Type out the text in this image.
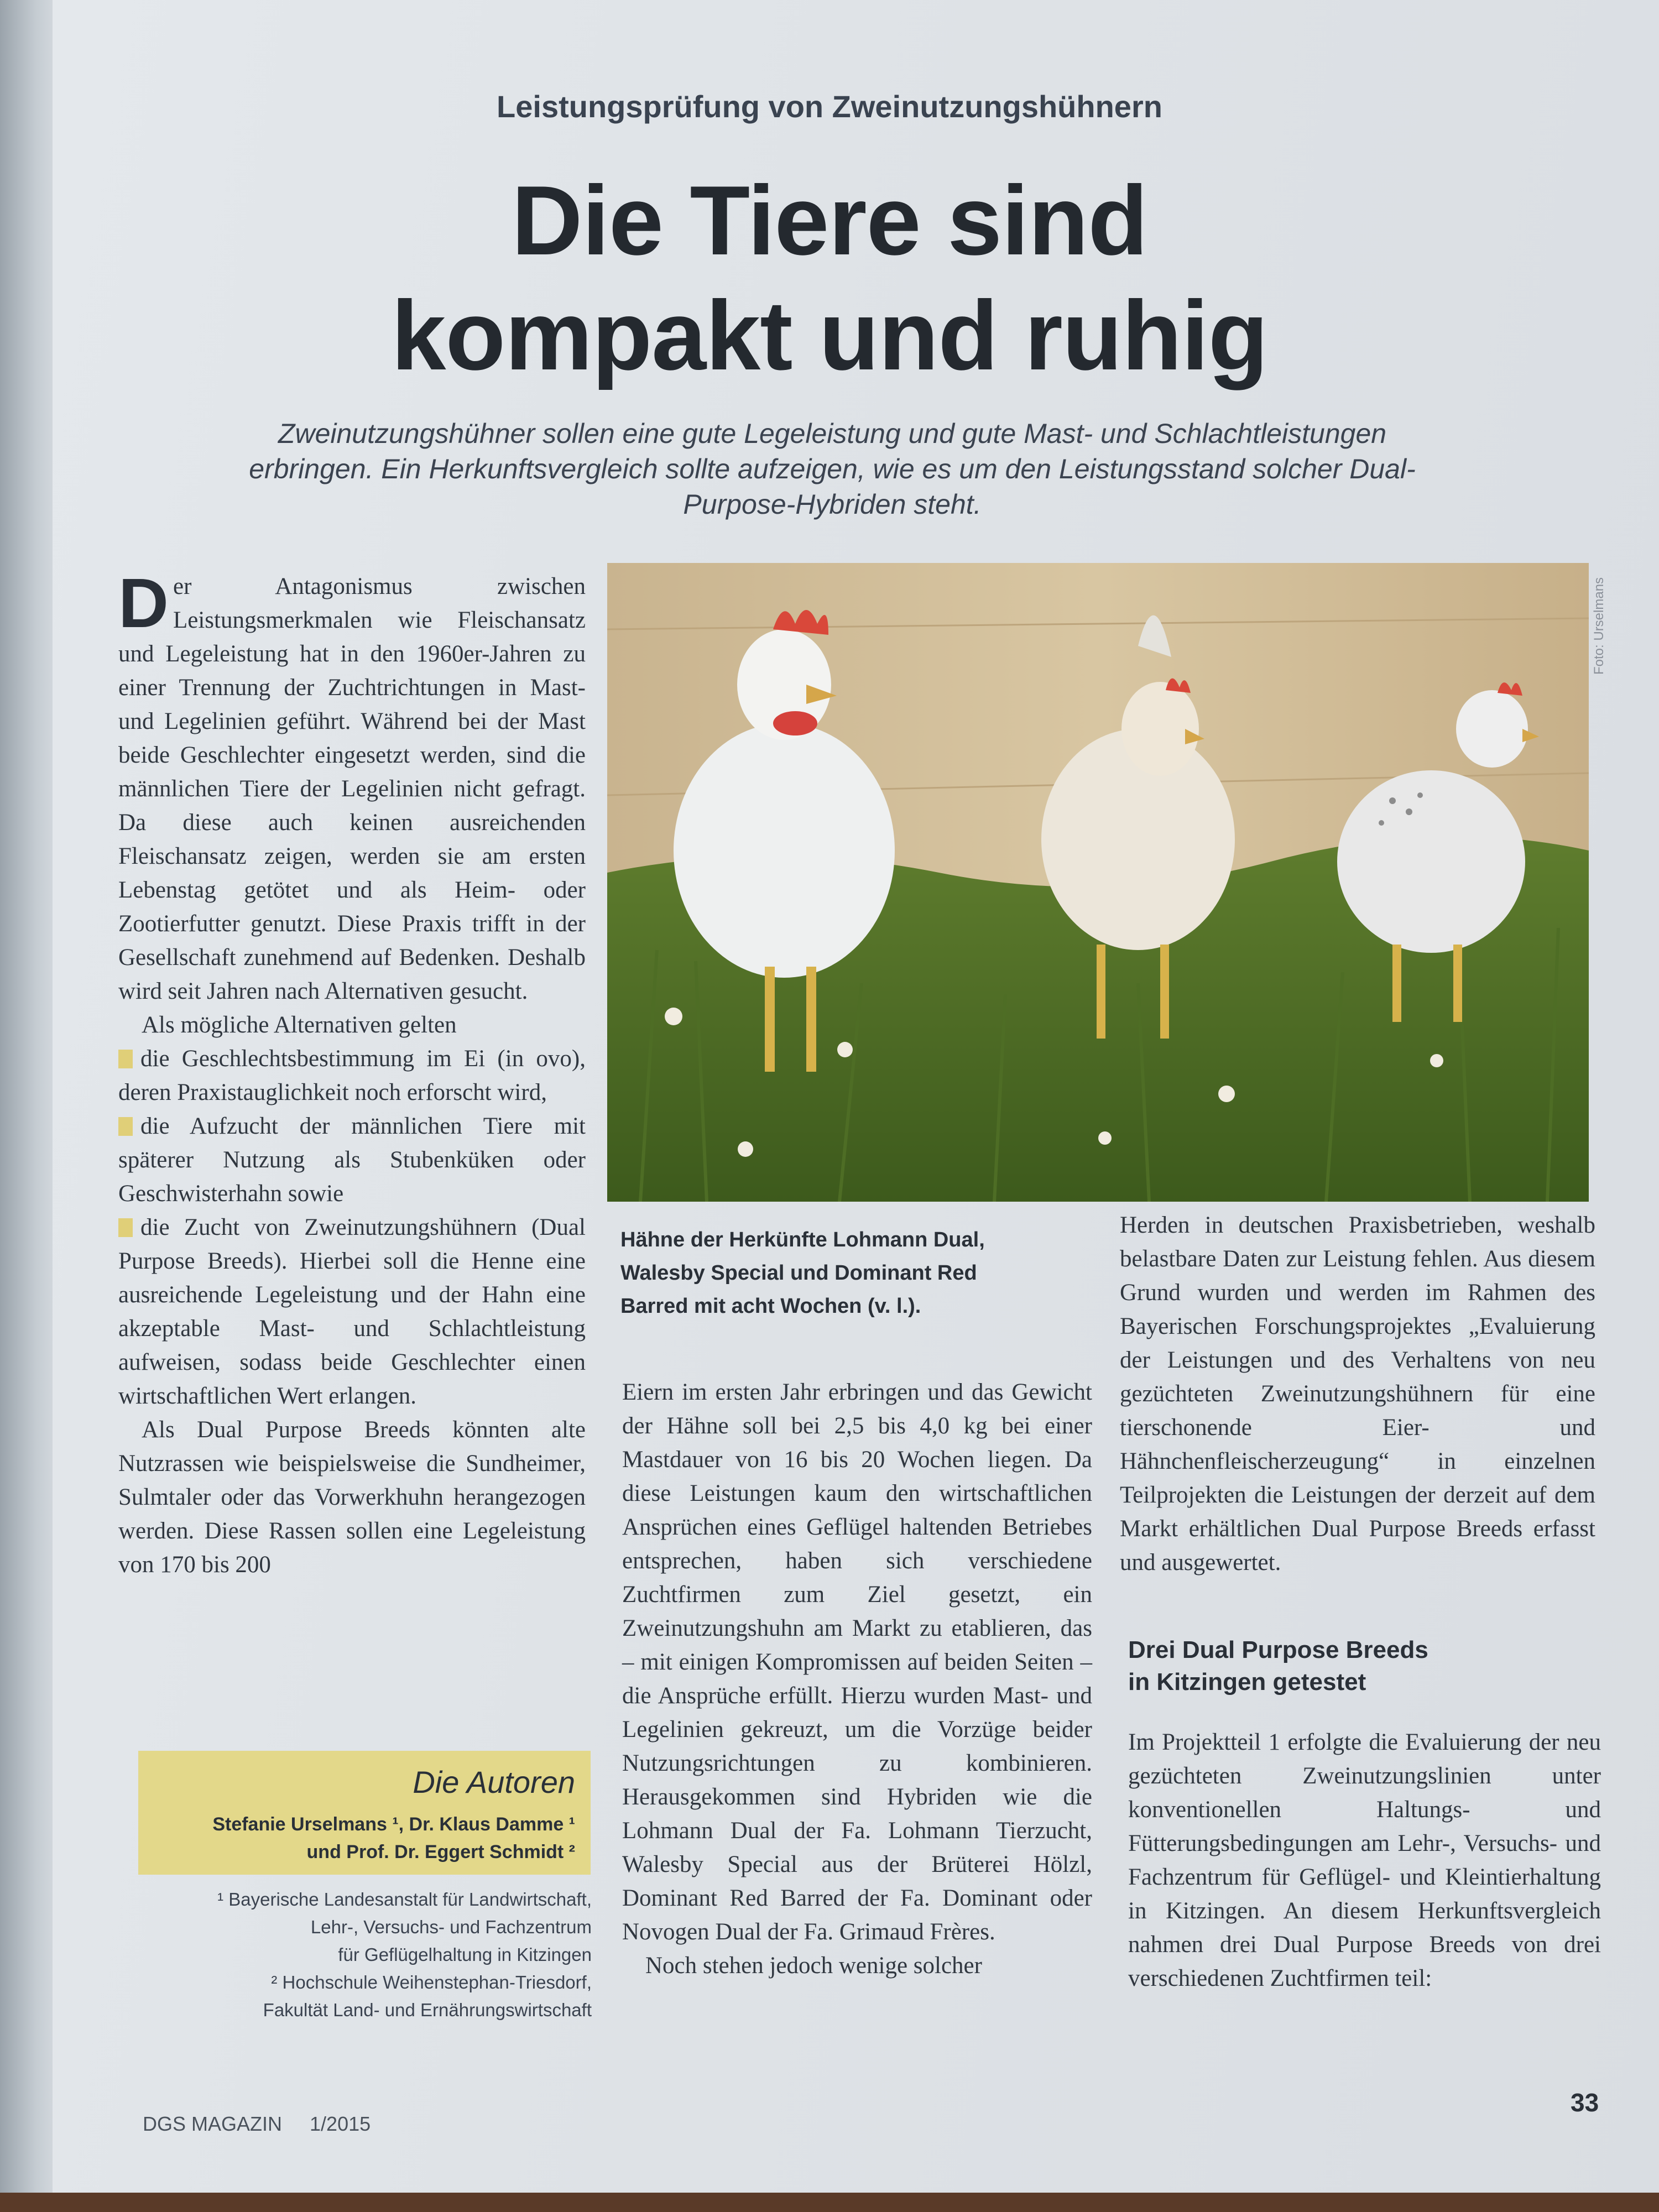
Leistungsprüfung von Zweinutzungshühnern
Die Tiere sind
kompakt und ruhig
Zweinutzungshühner sollen eine gute Legeleistung und gute Mast- und Schlachtleistungen erbringen. Ein Herkunftsvergleich sollte aufzeigen, wie es um den Leistungsstand solcher Dual-Purpose-Hybriden steht.

Der Antagonismus zwischen Leistungsmerkmalen wie Fleischansatz und Legeleistung hat in den 1960er-Jahren zu einer Trennung der Zuchtrichtungen in Mast- und Legelinien geführt. Während bei der Mast beide Geschlechter eingesetzt werden, sind die männlichen Tiere der Legelinien nicht gefragt. Da diese auch keinen ausreichenden Fleischansatz zeigen, werden sie am ersten Lebenstag getötet und als Heim- oder Zootierfutter genutzt. Diese Praxis trifft in der Gesellschaft zunehmend auf Bedenken. Deshalb wird seit Jahren nach Alternativen gesucht.

Als mögliche Alternativen gelten

die Geschlechtsbestimmung im Ei (in ovo), deren Praxistauglichkeit noch erforscht wird,

die Aufzucht der männlichen Tiere mit späterer Nutzung als Stubenküken oder Geschwisterhahn sowie

die Zucht von Zweinutzungshühnern (Dual Purpose Breeds). Hierbei soll die Henne eine ausreichende Legeleistung und der Hahn eine akzeptable Mast- und Schlachtleistung aufweisen, sodass beide Geschlechter einen wirtschaftlichen Wert erlangen.

Als Dual Purpose Breeds könnten alte Nutzrassen wie beispielsweise die Sundheimer, Sulmtaler oder das Vorwerkhuhn herangezogen werden. Diese Rassen sollen eine Legeleistung von 170 bis 200

Foto: Urselmans
Hähne der Herkünfte Lohmann Dual, Walesby Special und Dominant Red Barred mit acht Wochen (v. l.).

Eiern im ersten Jahr erbringen und das Gewicht der Hähne soll bei 2,5 bis 4,0 kg bei einer Mastdauer von 16 bis 20 Wochen liegen. Da diese Leistungen kaum den wirtschaftlichen Ansprüchen eines Geflügel haltenden Betriebes entsprechen, haben sich verschiedene Zuchtfirmen zum Ziel gesetzt, ein Zweinutzungshuhn am Markt zu etablieren, das – mit einigen Kompromissen auf beiden Seiten – die Ansprüche erfüllt. Hierzu wurden Mast- und Legelinien gekreuzt, um die Vorzüge beider Nutzungsrichtungen zu kombinieren. Herausgekommen sind Hybriden wie die Lohmann Dual der Fa. Lohmann Tierzucht, Walesby Special aus der Brüterei Hölzl, Dominant Red Barred der Fa. Dominant oder Novogen Dual der Fa. Grimaud Frères.

Noch stehen jedoch wenige solcher

Herden in deutschen Praxisbetrieben, weshalb belastbare Daten zur Leistung fehlen. Aus diesem Grund wurden und werden im Rahmen des Bayerischen Forschungsprojektes „Evaluierung der Leistungen und des Verhaltens von neu gezüchteten Zweinutzungshühnern für eine tierschonende Eier- und Hähnchenfleischerzeugung“ in einzelnen Teilprojekten die Leistungen der derzeit auf dem Markt erhältlichen Dual Purpose Breeds erfasst und ausgewertet.

Drei Dual Purpose Breeds
in Kitzingen getestet

Im Projektteil 1 erfolgte die Evaluierung der neu gezüchteten Zweinutzungslinien unter konventionellen Haltungs- und Fütterungsbedingungen am Lehr-, Versuchs- und Fachzentrum für Geflügel- und Kleintierhaltung in Kitzingen. An diesem Herkunftsvergleich nahmen drei Dual Purpose Breeds von drei verschiedenen Zuchtfirmen teil:

Die Autoren
Stefanie Urselmans ¹, Dr. Klaus Damme ¹
und Prof. Dr. Eggert Schmidt ²
¹ Bayerische Landesanstalt für Landwirtschaft,
Lehr-, Versuchs- und Fachzentrum
für Geflügelhaltung in Kitzingen
² Hochschule Weihenstephan-Triesdorf,
Fakultät Land- und Ernährungswirtschaft
DGS MAGAZIN 1/2015
33
